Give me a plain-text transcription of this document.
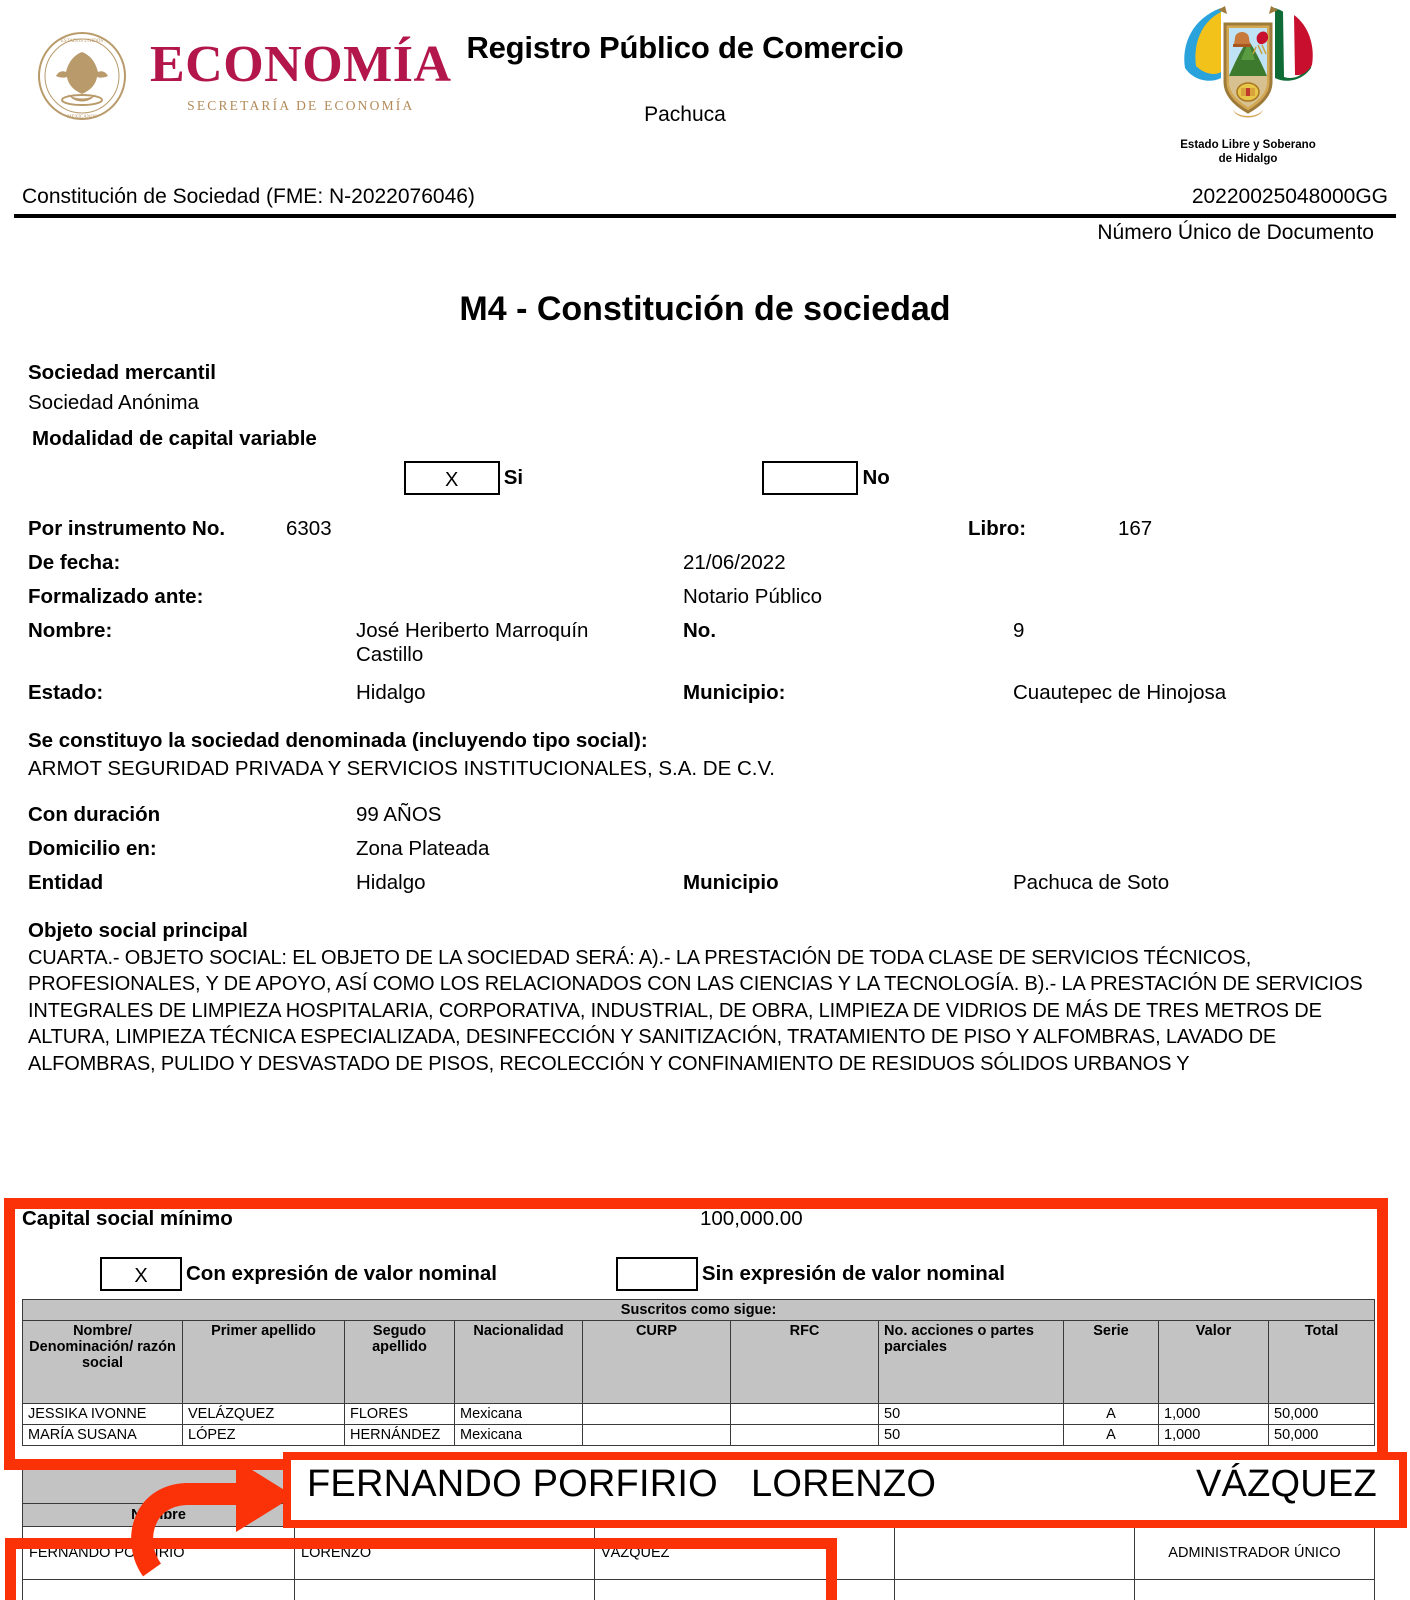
ESTADOS UNIDOS
MEXICANOS
ECONOMÍA
SECRETARÍA DE ECONOMÍA
Registro Público de Comercio
Pachuca
Estado Libre y Soberano
de Hidalgo
Constitución de Sociedad (FME: N-2022076046)	20220025048000GG
Número Único de Documento
M4 - Constitución de sociedad
Sociedad mercantil
Sociedad Anónima
Modalidad de capital variable
X Si	No
Por instrumento No.	6303	Libro:	167
De fecha:	21/06/2022
Formalizado ante:	Notario Público
Nombre:	José Heriberto Marroquín Castillo
No.	9
Estado:	Hidalgo	Municipio:	Cuautepec de Hinojosa
Se constituyo la sociedad denominada (incluyendo tipo social):
ARMOT SEGURIDAD PRIVADA Y SERVICIOS INSTITUCIONALES, S.A. DE C.V.
Con duración	99 AÑOS
Domicilio en:	Zona Plateada
Entidad	Hidalgo	Municipio	Pachuca de Soto
Objeto social principal
CUARTA.- OBJETO SOCIAL: EL OBJETO DE LA SOCIEDAD SERÁ: A).- LA PRESTACIÓN DE TODA CLASE DE SERVICIOS TÉCNICOS, PROFESIONALES, Y DE APOYO, ASÍ COMO LOS RELACIONADOS CON LAS CIENCIAS Y LA TECNOLOGÍA. B).- LA PRESTACIÓN DE SERVICIOS INTEGRALES DE LIMPIEZA HOSPITALARIA, CORPORATIVA, INDUSTRIAL, DE OBRA, LIMPIEZA DE VIDRIOS DE MÁS DE TRES METROS DE ALTURA, LIMPIEZA TÉCNICA ESPECIALIZADA, DESINFECCIÓN Y SANITIZACIÓN, TRATAMIENTO DE PISO Y ALFOMBRAS, LAVADO DE ALFOMBRAS, PULIDO Y DESVASTADO DE PISOS, RECOLECCIÓN Y CONFINAMIENTO DE RESIDUOS SÓLIDOS URBANOS Y
Capital social mínimo	100,000.00
X Con expresión de valor nominal	Sin expresión de valor nominal
Suscritos como sigue:									
Nombre/ Denominación/ razón social	Primer apellido	Segudo apellido	Nacionalidad	CURP	RFC	No. acciones o partes parciales	Serie	Valor	Total
JESSIKA IVONNE	VELÁZQUEZ	FLORES	Mexicana			50	A	1,000	50,000
MARÍA SUSANA	LÓPEZ	HERNÁNDEZ	Mexicana			50	A	1,000	50,000

Nombre				
FERNANDO PORFIRIO	LORENZO	VÁZQUEZ		ADMINISTRADOR ÚNICO

FERNANDO PORFIRIO LORENZO	VÁZQUEZ
